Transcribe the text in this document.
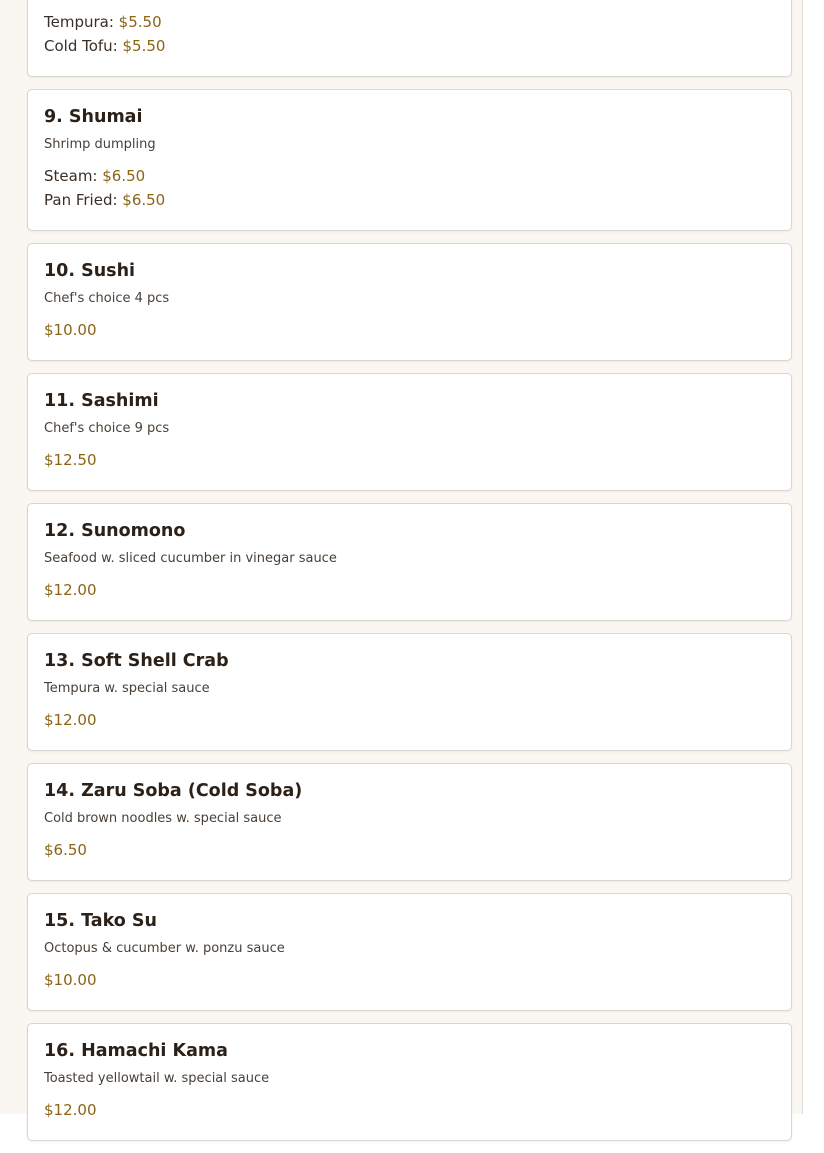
Tempura: $5.50
Cold Tofu: $5.50
9. Shumai

Shrimp dumpling

Steam: $6.50
Pan Fried: $6.50
10. Sushi

Chef's choice 4 pcs

$10.00
11. Sashimi

Chef's choice 9 pcs

$12.50
12. Sunomono

Seafood w. sliced cucumber in vinegar sauce

$12.00
13. Soft Shell Crab

Tempura w. special sauce

$12.00
14. Zaru Soba (Cold Soba)

Cold brown noodles w. special sauce

$6.50
15. Tako Su

Octopus & cucumber w. ponzu sauce

$10.00
16. Hamachi Kama

Toasted yellowtail w. special sauce

$12.00
